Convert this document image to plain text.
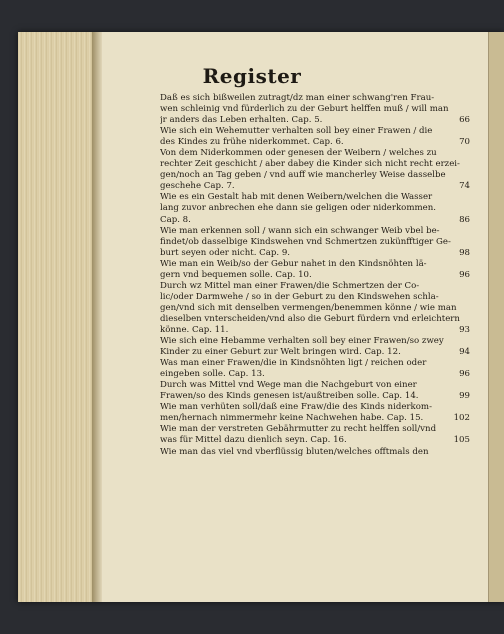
Register
Daß es sich bißweilen zutragt/dz man einer schwang'ren Frau-
wen schleinig vnd fürderlich zu der Geburt helffen muß / will man
jr anders das Leben erhalten. Cap. 5.	66
Wie sich ein Wehemutter verhalten soll bey einer Frawen / die
des Kindes zu frühe niderkommet. Cap. 6.	70
Von dem Niderkommen oder genesen der Weibern / welches zu
rechter Zeit geschicht / aber dabey die Kinder sich nicht recht erzei-
gen/noch an Tag geben / vnd auff wie mancherley Weise dasselbe
geschehe Cap. 7.	74
Wie es ein Gestalt hab mit denen Weibern/welchen die Wasser
lang zuvor anbrechen ehe dann sie geligen oder niderkommen.
Cap. 8.	86
Wie man erkennen soll / wann sich ein schwanger Weib vbel be-
findet/ob dasselbige Kindswehen vnd Schmertzen zukünfftiger Ge-
burt seyen oder nicht. Cap. 9.	98
Wie man ein Weib/so der Gebur nahet in den Kindsnöhten lä-
gern vnd bequemen solle. Cap. 10.	96
Durch wz Mittel man einer Frawen/die Schmertzen der Co-
lic/oder Darmwehe / so in der Geburt zu den Kindswehen schla-
gen/vnd sich mit denselben vermengen/benemmen könne / wie man
dieselben vnterscheiden/vnd also die Geburt fürdern vnd erleichtern
könne. Cap. 11.	93
Wie sich eine Hebamme verhalten soll bey einer Frawen/so zwey
Kinder zu einer Geburt zur Welt bringen wird. Cap. 12.	94
Was man einer Frawen/die in Kindsnöhten ligt / reichen oder
eingeben solle. Cap. 13.	96
Durch was Mittel vnd Wege man die Nachgeburt von einer
Frawen/so des Kinds genesen ist/außtreiben solle. Cap. 14.	99
Wie man verhüten soll/daß eine Fraw/die des Kinds niderkom-
men/hernach nimmermehr keine Nachwehen habe. Cap. 15.	102
Wie man der verstreten Gebährmutter zu recht helffen soll/vnd
was für Mittel dazu dienlich seyn. Cap. 16.	105
Wie man das viel vnd vberflüssig bluten/welches offtmals den
